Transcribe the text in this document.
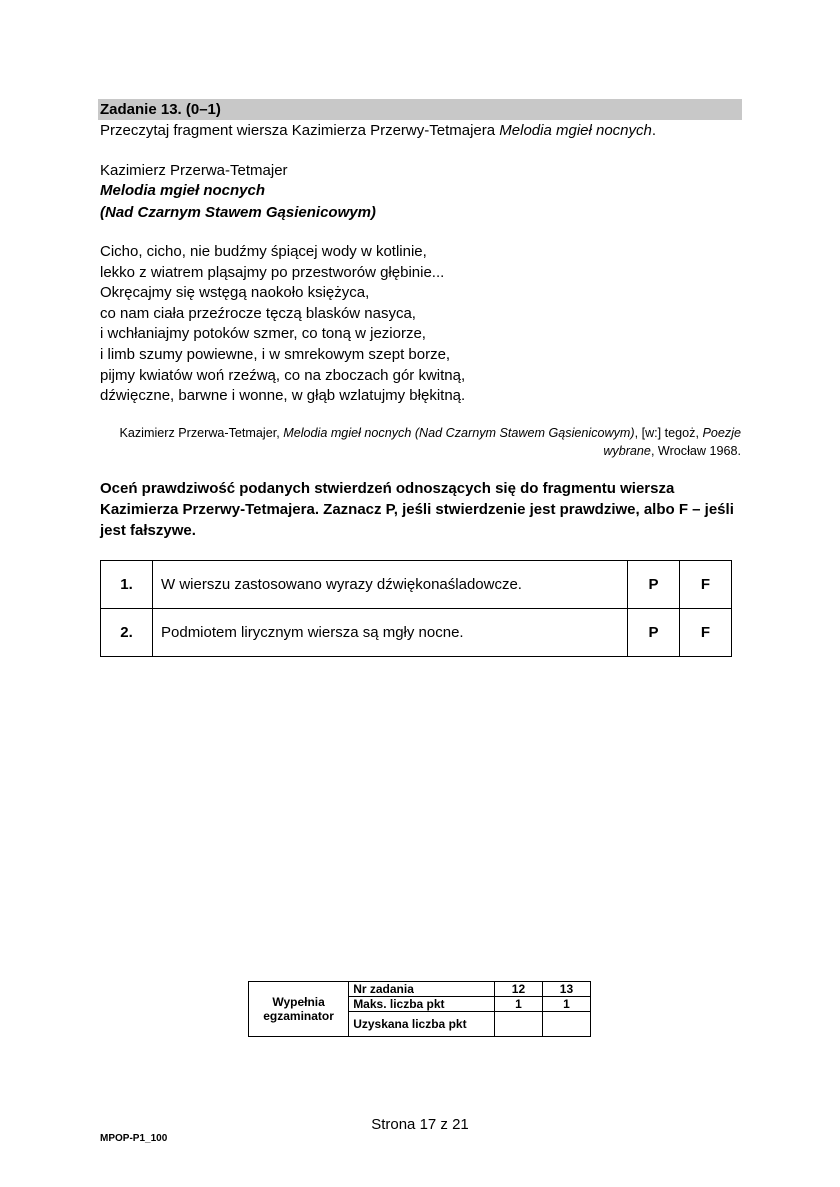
Zadanie 13. (0–1)
Przeczytaj fragment wiersza Kazimierza Przerwy-Tetmajera Melodia mgieł nocnych.
Kazimierz Przerwa-Tetmajer
Melodia mgieł nocnych
(Nad Czarnym Stawem Gąsienicowym)
Cicho, cicho, nie budźmy śpiącej wody w kotlinie,
lekko z wiatrem pląsajmy po przestworów głębinie...
Okręcajmy się wstęgą naokoło księżyca,
co nam ciała przeźrocze tęczą blasków nasyca,
i wchłaniajmy potoków szmer, co toną w jeziorze,
i limb szumy powiewne, i w smrekowym szept borze,
pijmy kwiatów woń rzeźwą, co na zboczach gór kwitną,
dźwięczne, barwne i wonne, w głąb wzlatujmy błękitną.
Kazimierz Przerwa-Tetmajer, Melodia mgieł nocnych (Nad Czarnym Stawem Gąsienicowym), [w:] tegoż, Poezje wybrane, Wrocław 1968.
Oceń prawdziwość podanych stwierdzeń odnoszących się do fragmentu wiersza Kazimierza Przerwy-Tetmajera. Zaznacz P, jeśli stwierdzenie jest prawdziwe, albo F – jeśli jest fałszywe.
1.	W wierszu zastosowano wyrazy dźwiękonaśladowcze.	P	F
2.	Podmiotem lirycznym wiersza są mgły nocne.	P	F
Wypełnia egzaminator	Nr zadania	12	13
	Maks. liczba pkt	1	1
	Uzyskana liczba pkt		
Strona 17 z 21
MPOP-P1_100
